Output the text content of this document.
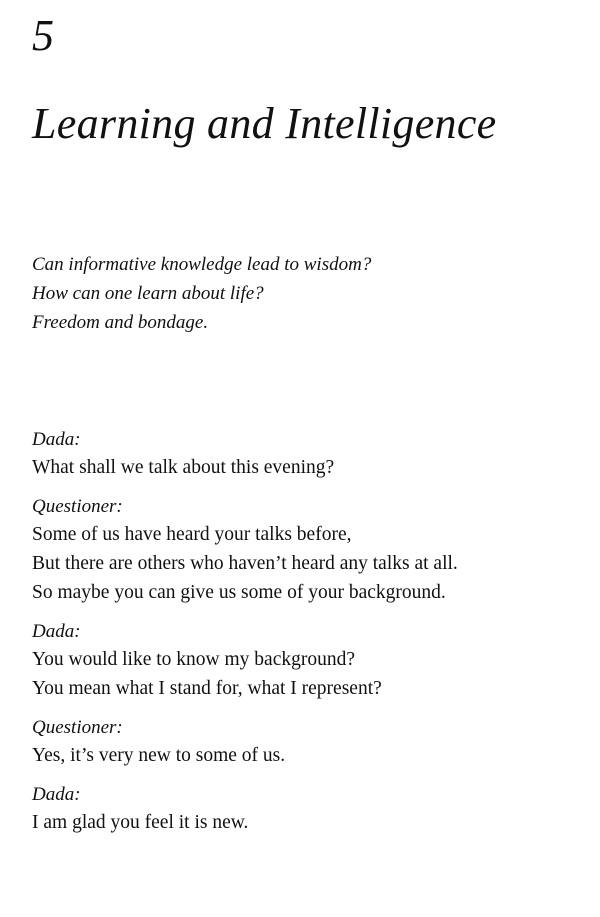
5
Learning and Intelligence
Can informative knowledge lead to wisdom?
How can one learn about life?
Freedom and bondage.
Dada:
What shall we talk about this evening?
Questioner:
Some of us have heard your talks before,
But there are others who haven’t heard any talks at all.
So maybe you can give us some of your background.
Dada:
You would like to know my background?
You mean what I stand for, what I represent?
Questioner:
Yes, it’s very new to some of us.
Dada:
I am glad you feel it is new.
